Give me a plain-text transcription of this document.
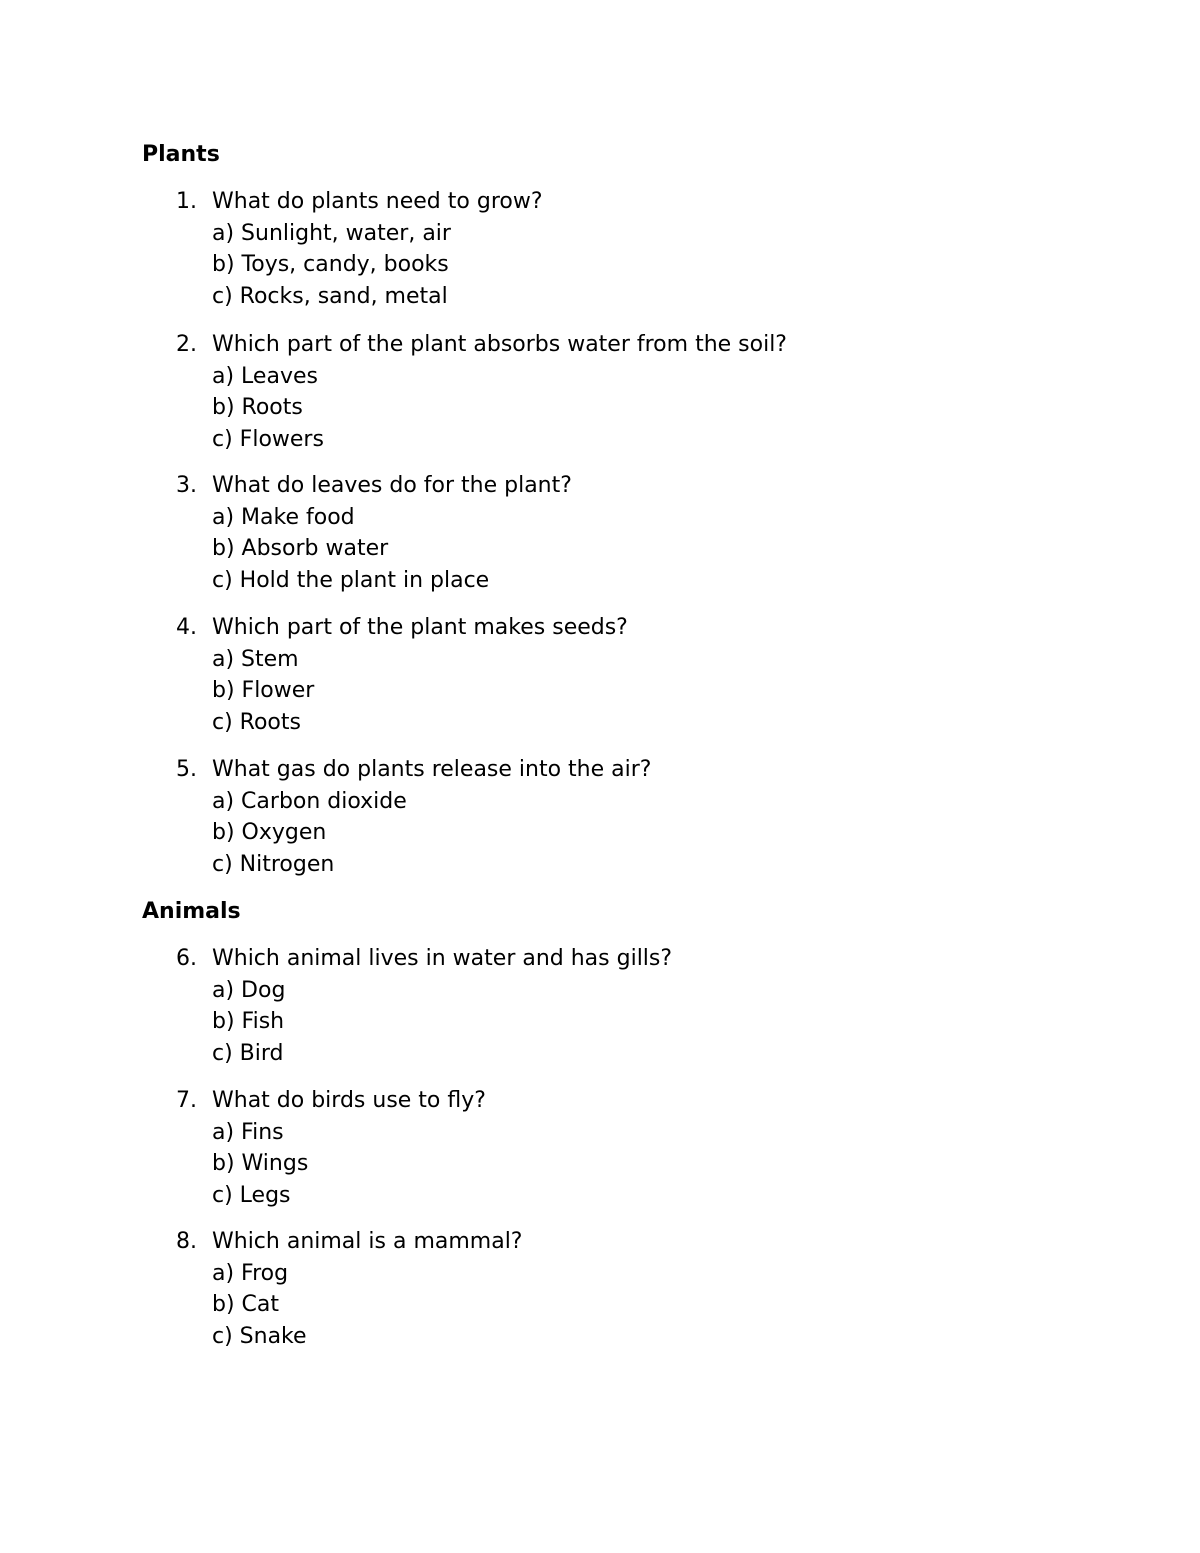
Plants
1. What do plants need to grow?
a) Sunlight, water, air
b) Toys, candy, books
c) Rocks, sand, metal
2. Which part of the plant absorbs water from the soil?
a) Leaves
b) Roots
c) Flowers
3. What do leaves do for the plant?
a) Make food
b) Absorb water
c) Hold the plant in place
4. Which part of the plant makes seeds?
a) Stem
b) Flower
c) Roots
5. What gas do plants release into the air?
a) Carbon dioxide
b) Oxygen
c) Nitrogen
Animals
6. Which animal lives in water and has gills?
a) Dog
b) Fish
c) Bird
7. What do birds use to fly?
a) Fins
b) Wings
c) Legs
8. Which animal is a mammal?
a) Frog
b) Cat
c) Snake
